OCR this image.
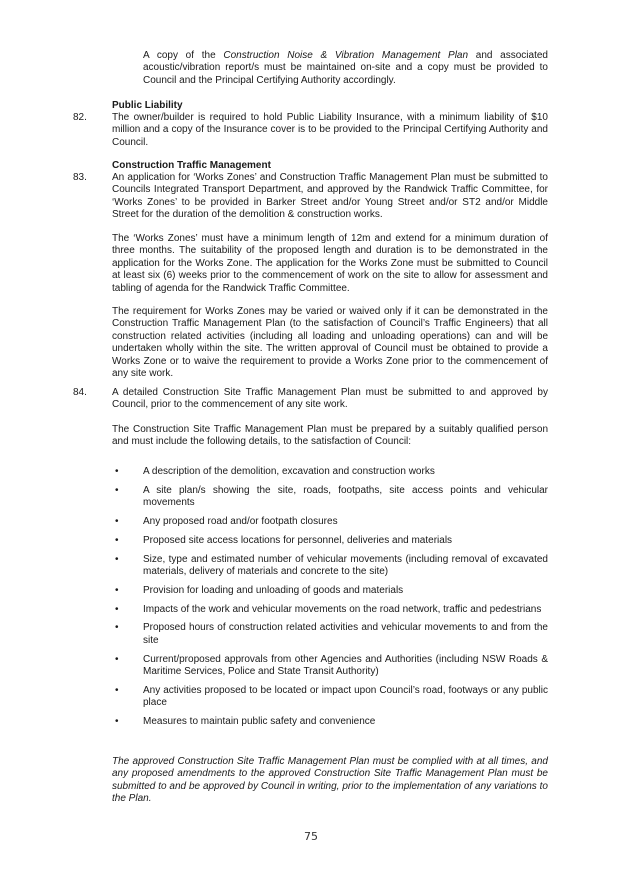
A copy of the Construction Noise & Vibration Management Plan and associated acoustic/vibration report/s must be maintained on-site and a copy must be provided to Council and the Principal Certifying Authority accordingly.

Public Liability

82.	The owner/builder is required to hold Public Liability Insurance, with a minimum liability of $10 million and a copy of the Insurance cover is to be provided to the Principal Certifying Authority and Council.

Construction Traffic Management

83.	An application for ‘Works Zones’ and Construction Traffic Management Plan must be submitted to Councils Integrated Transport Department, and approved by the Randwick Traffic Committee, for ‘Works Zones’ to be provided in Barker Street and/or Young Street and/or ST2 and/or Middle Street for the duration of the demolition & construction works.

The ‘Works Zones’ must have a minimum length of 12m and extend for a minimum duration of three months. The suitability of the proposed length and duration is to be demonstrated in the application for the Works Zone. The application for the Works Zone must be submitted to Council at least six (6) weeks prior to the commencement of work on the site to allow for assessment and tabling of agenda for the Randwick Traffic Committee.

The requirement for Works Zones may be varied or waived only if it can be demonstrated in the Construction Traffic Management Plan (to the satisfaction of Council’s Traffic Engineers) that all construction related activities (including all loading and unloading operations) can and will be undertaken wholly within the site. The written approval of Council must be obtained to provide a Works Zone or to waive the requirement to provide a Works Zone prior to the commencement of any site work.

84.	A detailed Construction Site Traffic Management Plan must be submitted to and approved by Council, prior to the commencement of any site work.

The Construction Site Traffic Management Plan must be prepared by a suitably qualified person and must include the following details, to the satisfaction of Council:

• A description of the demolition, excavation and construction works
• A site plan/s showing the site, roads, footpaths, site access points and vehicular movements
• Any proposed road and/or footpath closures
• Proposed site access locations for personnel, deliveries and materials
• Size, type and estimated number of vehicular movements (including removal of excavated materials, delivery of materials and concrete to the site)
• Provision for loading and unloading of goods and materials
• Impacts of the work and vehicular movements on the road network, traffic and pedestrians
• Proposed hours of construction related activities and vehicular movements to and from the site
• Current/proposed approvals from other Agencies and Authorities (including NSW Roads & Maritime Services, Police and State Transit Authority)
• Any activities proposed to be located or impact upon Council’s road, footways or any public place
• Measures to maintain public safety and convenience

The approved Construction Site Traffic Management Plan must be complied with at all times, and any proposed amendments to the approved Construction Site Traffic Management Plan must be submitted to and be approved by Council in writing, prior to the implementation of any variations to the Plan.

75
